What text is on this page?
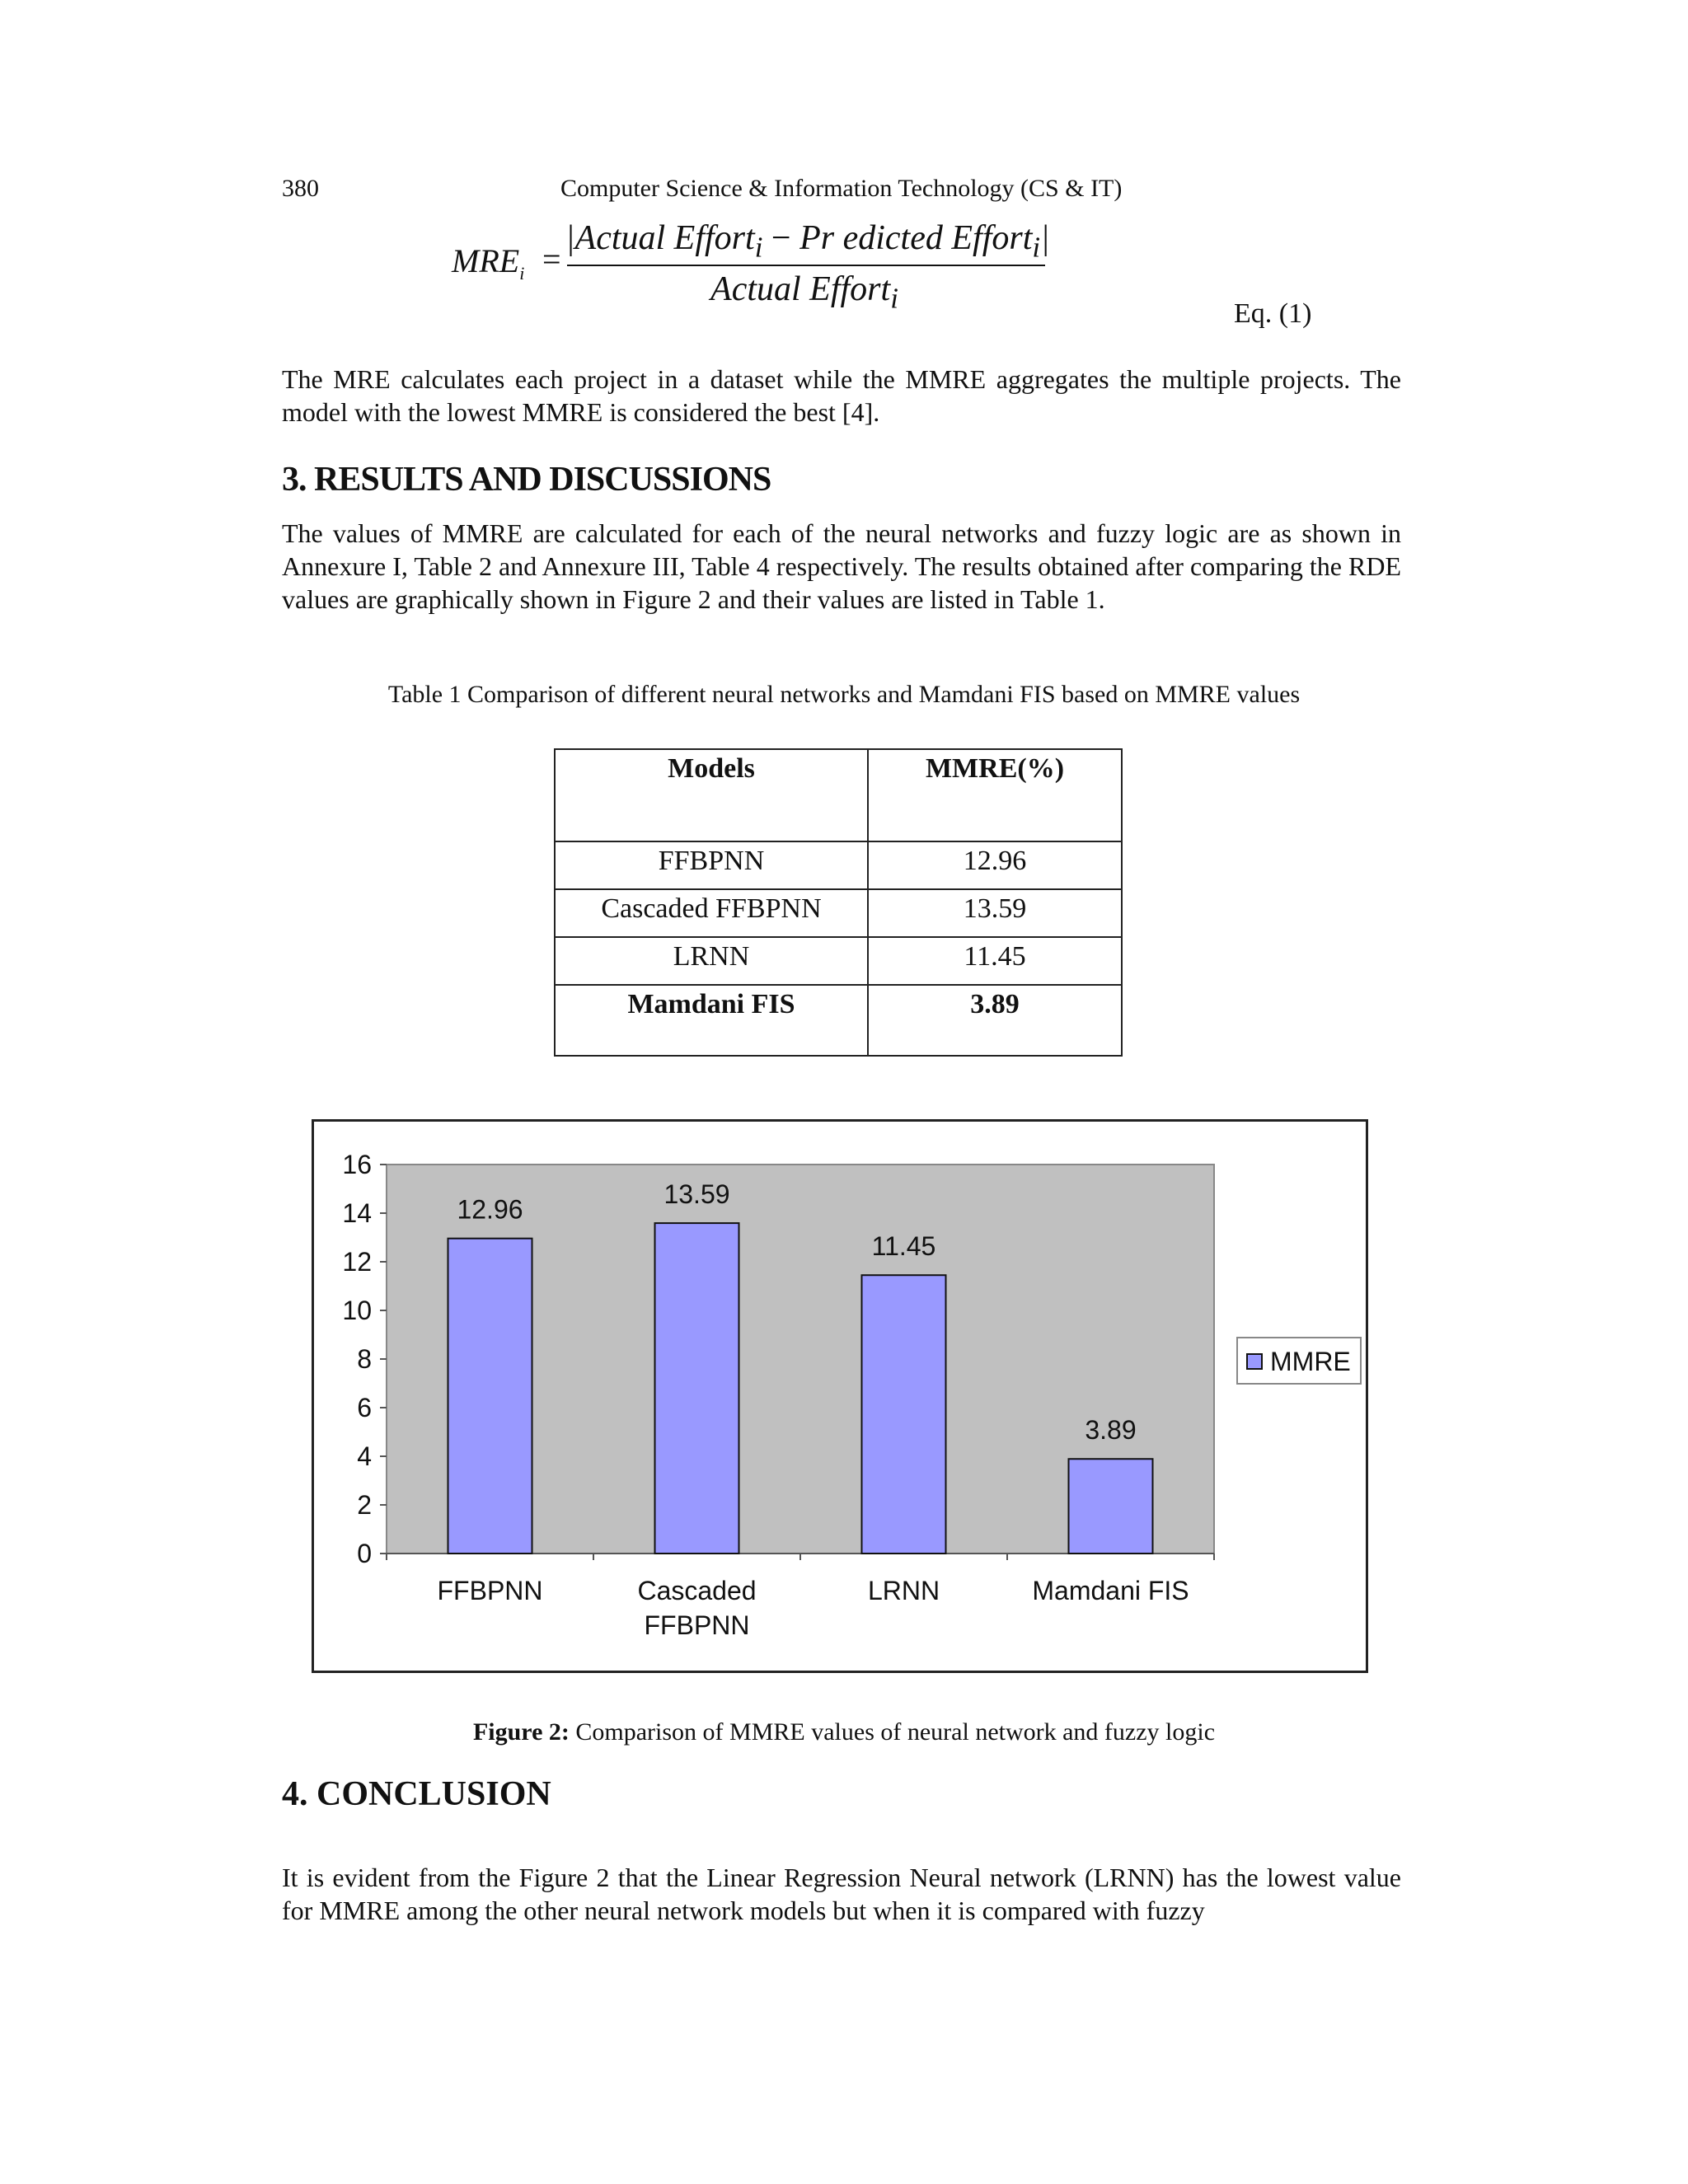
380	Computer Science & Information Technology (CS & IT)
$MRE_i$ =
|Actual Effort$_i$ − Pr edicted Effort$_i$|
Actual Effort$_i$	Eq. (1)
The MRE calculates each project in a dataset while the MMRE aggregates the multiple projects. The model with the lowest MMRE is considered the best [4].
3. RESULTS AND DISCUSSIONS
The values of MMRE are calculated for each of the neural networks and fuzzy logic are as shown in Annexure I, Table 2 and Annexure III, Table 4 respectively. The results obtained after comparing the RDE values are graphically shown in Figure 2 and their values are listed in Table 1.
Table 1 Comparison of different neural networks and Mamdani FIS based on MMRE values
Models	MMRE(%)
FFBPNN	12.96
Cascaded FFBPNN	13.59
LRNN	11.45
Mamdani FIS	3.89
0
2
4
6
8
10
12
14
16
12.96
FFBPNN
13.59
Cascaded
FFBPNN
11.45
LRNN
3.89
Mamdani FIS
MMRE
Figure 2: Comparison of MMRE values of neural network and fuzzy logic
4. CONCLUSION
It is evident from the Figure 2 that the Linear Regression Neural network (LRNN) has the lowest value for MMRE among the other neural network models but when it is compared with fuzzy
